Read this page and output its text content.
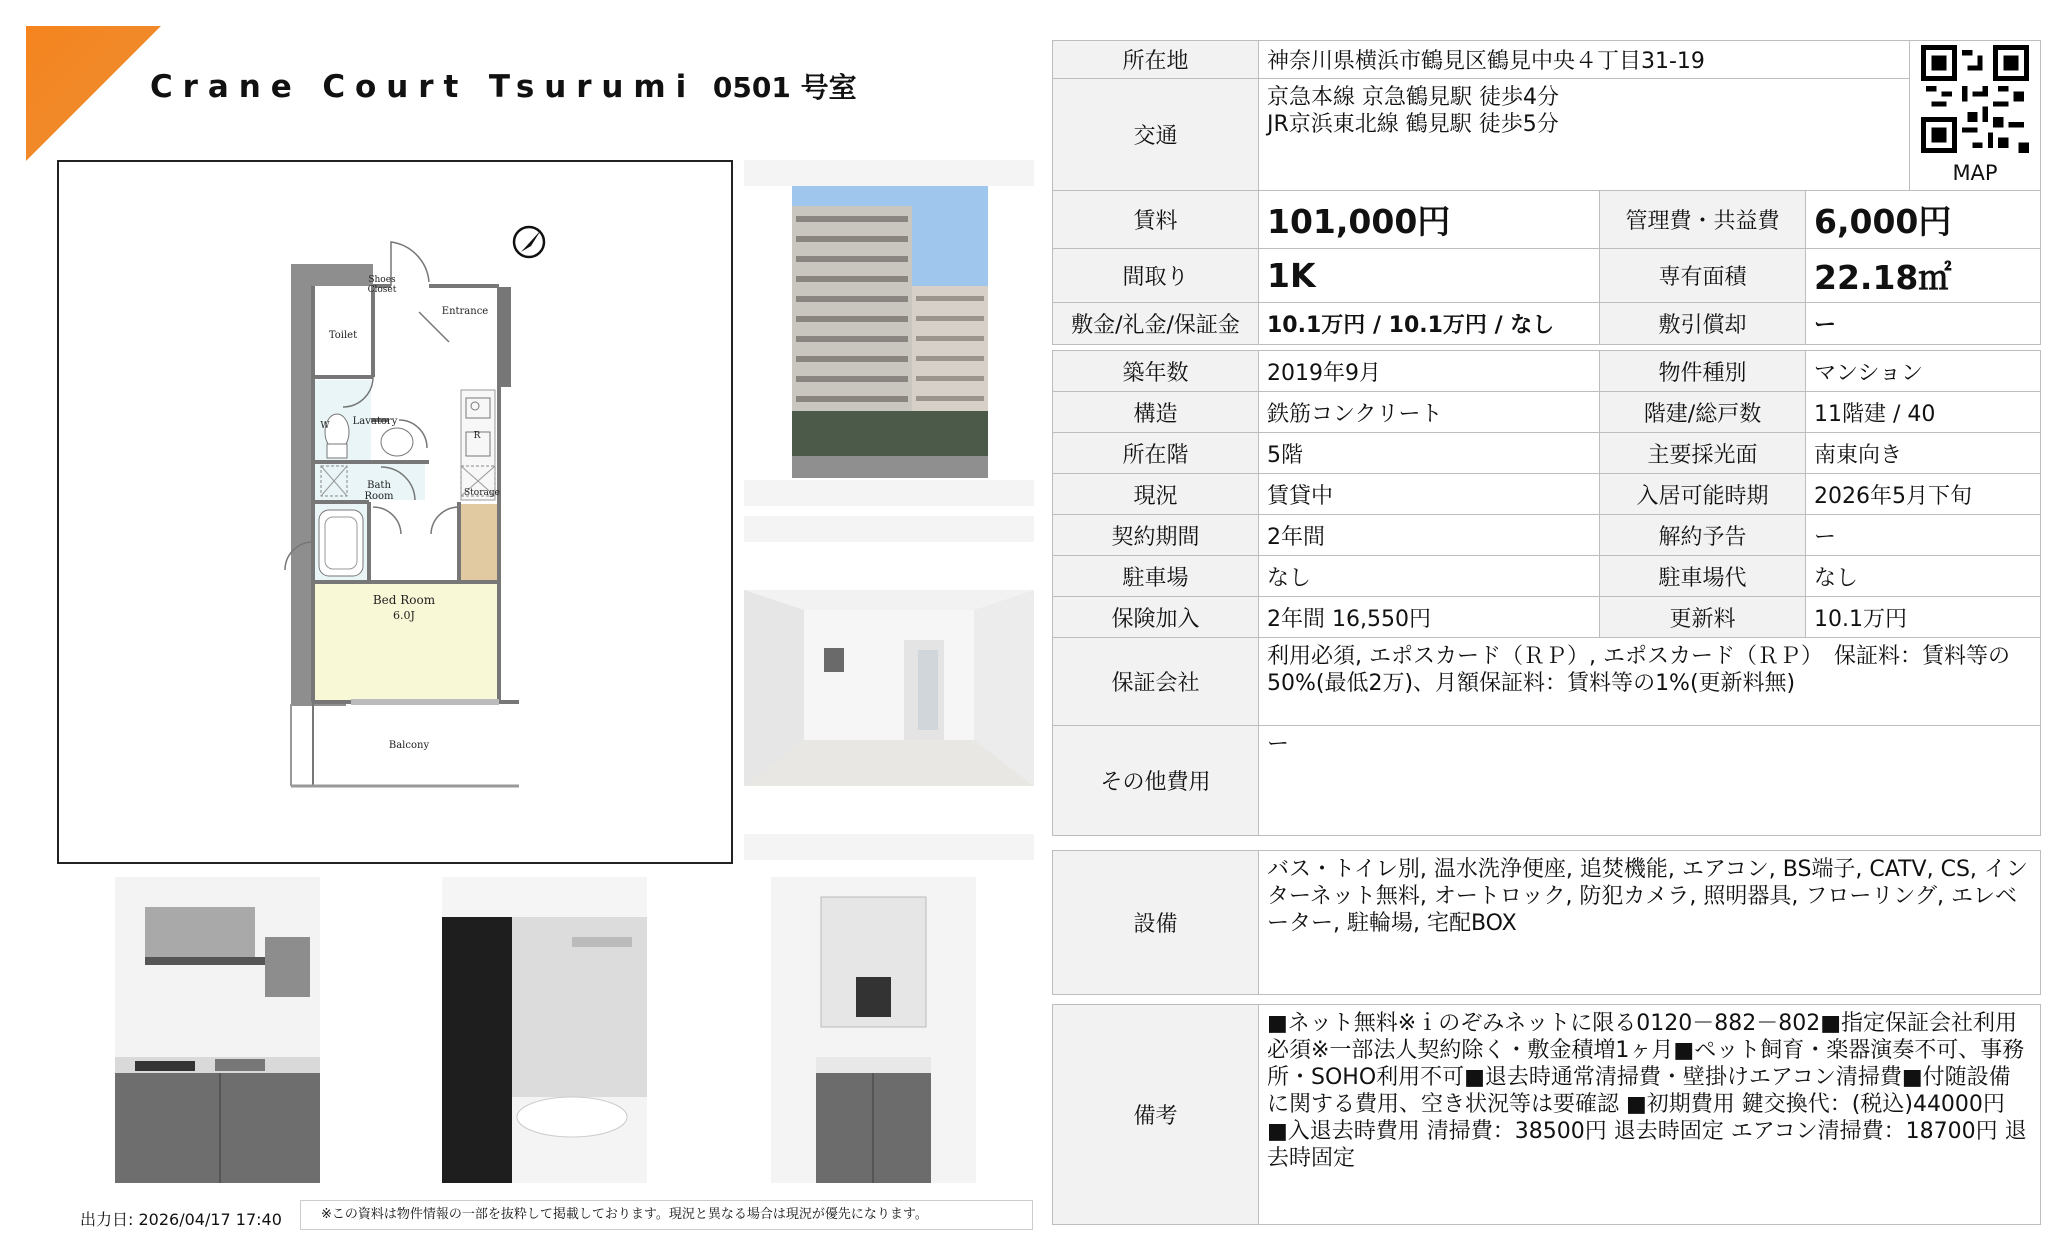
Crane Court Tsurumi 0501 号室
Shoes
Closet
Entrance
Toilet
Lavatory
W
R
Bath
Room	Storage
Bed Room
6.0J
Balcony
所在地	神奈川県横浜市鶴見区鶴見中央４丁目31-19			MAP

交通	京急本線 京急鶴見駅 徒歩4分
JR京浜東北線 鶴見駅 徒歩5分			

賃料	101,000円	管理費・共益費	6,000円	
間取り	1K	専有面積	22.18㎡	
敷金/礼金/保証金	10.1万円 / 10.1万円 / なし	敷引償却	ー	
築年数	2019年9月	物件種別	マンション
構造	鉄筋コンクリート	階建/総戸数	11階建 / 40
所在階	5階	主要採光面	南東向き
現況	賃貸中	入居可能時期	2026年5月下旬
契約期間	2年間	解約予告	ー
駐車場	なし	駐車場代	なし
保険加入	2年間 16,550円	更新料	10.1万円
保証会社	利用必須, エポスカード（ＲＰ）, エポスカード（ＲＰ）　保証料：賃料等の50%(最低2万)、月額保証料：賃料等の1%(更新料無)		
その他費用	ー		
設備	バス・トイレ別, 温水洗浄便座, 追焚機能, エアコン, BS端子, CATV, CS, インターネット無料, オートロック, 防犯カメラ, 照明器具, フローリング, エレベーター, 駐輪場, 宅配BOX
備考	■ネット無料※ｉのぞみネットに限る0120－882－802■指定保証会社利用必須※一部法人契約除く・敷金積増1ヶ月■ペット飼育・楽器演奏不可、事務所・SOHO利用不可■退去時通常清掃費・壁掛けエアコン清掃費■付随設備に関する費用、空き状況等は要確認 ■初期費用 鍵交換代：(税込)44000円 ■入退去時費用 清掃費：38500円 退去時固定 エアコン清掃費：18700円 退去時固定
出力日: 2026/04/17 17:40	※この資料は物件情報の一部を抜粋して掲載しております。現況と異なる場合は現況が優先になります。
